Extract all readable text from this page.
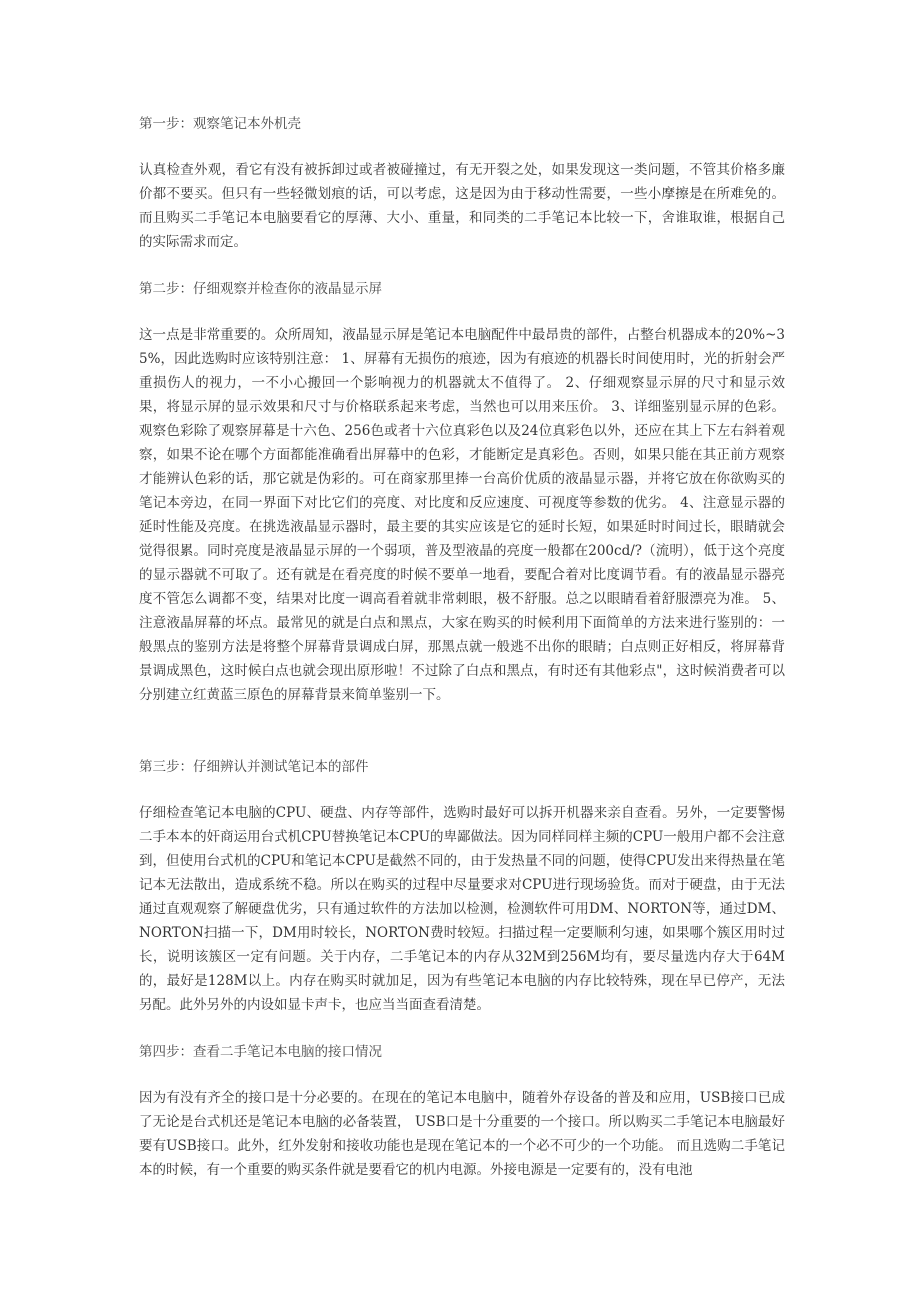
第一步：观察笔记本外机壳

认真检查外观，看它有没有被拆卸过或者被碰撞过，有无开裂之处，如果发现这一类问题，不管其价格多廉价都不要买。但只有一些轻微划痕的话，可以考虑，这是因为由于移动性需要，一些小摩擦是在所难免的。而且购买二手笔记本电脑要看它的厚薄、大小、重量，和同类的二手笔记本比较一下，舍谁取谁，根据自己的实际需求而定。

第二步：仔细观察并检查你的液晶显示屏

这一点是非常重要的。众所周知，液晶显示屏是笔记本电脑配件中最昂贵的部件，占整台机器成本的20%~35%，因此选购时应该特别注意： 1、屏幕有无损伤的痕迹，因为有痕迹的机器长时间使用时，光的折射会严重损伤人的视力，一不小心搬回一个影响视力的机器就太不值得了。 2、仔细观察显示屏的尺寸和显示效果，将显示屏的显示效果和尺寸与价格联系起来考虑，当然也可以用来压价。 3、详细鉴别显示屏的色彩。观察色彩除了观察屏幕是十六色、256色或者十六位真彩色以及24位真彩色以外，还应在其上下左右斜着观察，如果不论在哪个方面都能准确看出屏幕中的色彩，才能断定是真彩色。否则，如果只能在其正前方观察才能辨认色彩的话，那它就是伪彩的。可在商家那里捧一台高价优质的液晶显示器，并将它放在你欲购买的笔记本旁边，在同一界面下对比它们的亮度、对比度和反应速度、可视度等参数的优劣。 4、注意显示器的延时性能及亮度。在挑选液晶显示器时，最主要的其实应该是它的延时长短，如果延时时间过长，眼睛就会觉得很累。同时亮度是液晶显示屏的一个弱项，普及型液晶的亮度一般都在200cd/?（流明），低于这个亮度的显示器就不可取了。还有就是在看亮度的时候不要单一地看，要配合着对比度调节看。有的液晶显示器亮度不管怎么调都不变，结果对比度一调高看着就非常刺眼，极不舒服。总之以眼睛看着舒服漂亮为准。 5、注意液晶屏幕的坏点。最常见的就是白点和黑点，大家在购买的时候利用下面简单的方法来进行鉴别的：一般黑点的鉴别方法是将整个屏幕背景调成白屏，那黑点就一般逃不出你的眼睛；白点则正好相反，将屏幕背景调成黑色，这时候白点也就会现出原形啦！不过除了白点和黑点，有时还有其他彩点"，这时候消费者可以分别建立红黄蓝三原色的屏幕背景来简单鉴别一下。

第三步：仔细辨认并测试笔记本的部件

仔细检查笔记本电脑的CPU、硬盘、内存等部件，选购时最好可以拆开机器来亲自查看。另外，一定要警惕二手本本的奸商运用台式机CPU替换笔记本CPU的卑鄙做法。因为同样同样主频的CPU一般用户都不会注意到，但使用台式机的CPU和笔记本CPU是截然不同的，由于发热量不同的问题，使得CPU发出来得热量在笔记本无法散出，造成系统不稳。所以在购买的过程中尽量要求对CPU进行现场验货。而对于硬盘，由于无法通过直观观察了解硬盘优劣，只有通过软件的方法加以检测，检测软件可用DM、NORTON等，通过DM、NORTON扫描一下，DM用时较长，NORTON费时较短。扫描过程一定要顺利匀速，如果哪个簇区用时过长，说明该簇区一定有问题。关于内存，二手笔记本的内存从32M到256M均有，要尽量选内存大于64M的，最好是128M以上。内存在购买时就加足，因为有些笔记本电脑的内存比较特殊，现在早已停产，无法另配。此外另外的内设如显卡声卡，也应当当面查看清楚。

第四步：查看二手笔记本电脑的接口情况

因为有没有齐全的接口是十分必要的。在现在的笔记本电脑中，随着外存设备的普及和应用，USB接口已成了无论是台式机还是笔记本电脑的必备装置， USB口是十分重要的一个接口。所以购买二手笔记本电脑最好要有USB接口。此外，红外发射和接收功能也是现在笔记本的一个必不可少的一个功能。 而且选购二手笔记本的时候，有一个重要的购买条件就是要看它的机内电源。外接电源是一定要有的，没有电池
